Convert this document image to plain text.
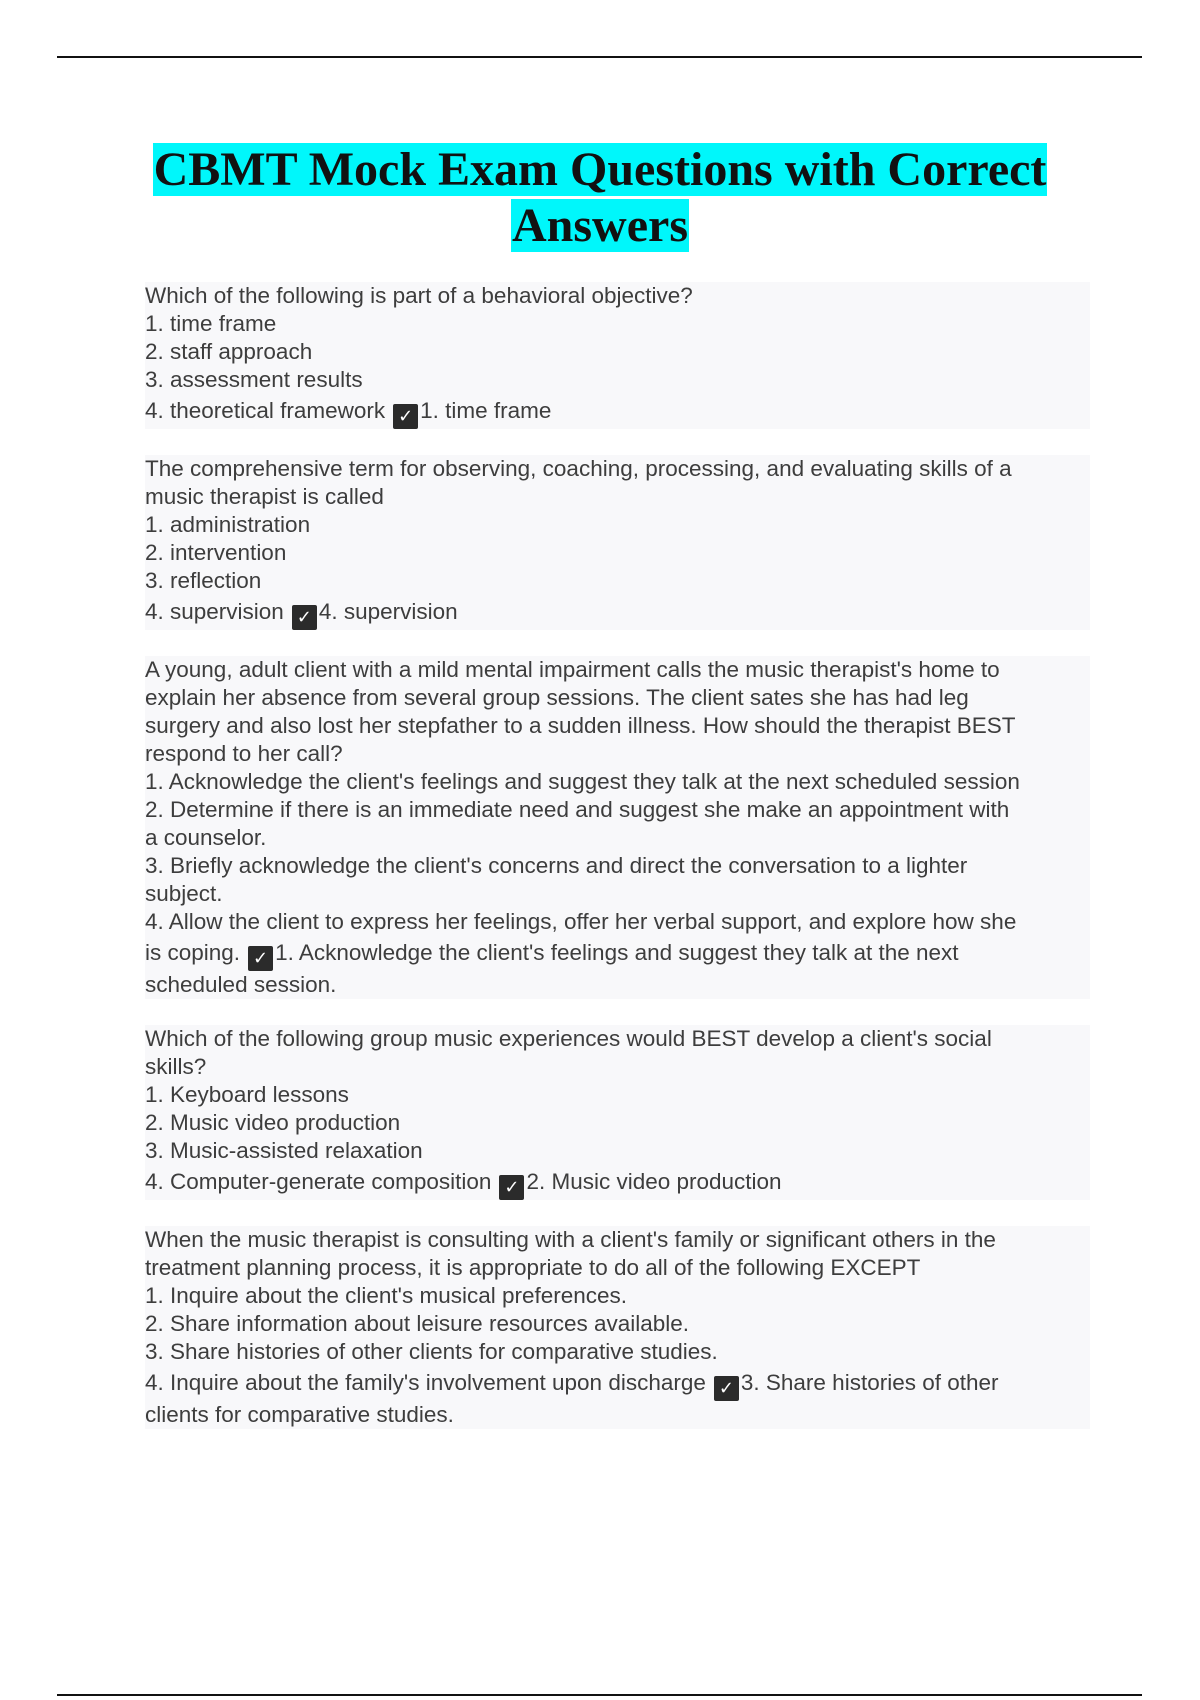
CBMT Mock Exam Questions with Correct
Answers
Which of the following is part of a behavioral objective?
1. time frame
2. staff approach
3. assessment results
4. theoretical framework ✓ 1. time frame
The comprehensive term for observing, coaching, processing, and evaluating skills of a
music therapist is called
1. administration
2. intervention
3. reflection
4. supervision ✓ 4. supervision
A young, adult client with a mild mental impairment calls the music therapist's home to
explain her absence from several group sessions. The client sates she has had leg
surgery and also lost her stepfather to a sudden illness. How should the therapist BEST
respond to her call?
1. Acknowledge the client's feelings and suggest they talk at the next scheduled session
2. Determine if there is an immediate need and suggest she make an appointment with
a counselor.
3. Briefly acknowledge the client's concerns and direct the conversation to a lighter
subject.
4. Allow the client to express her feelings, offer her verbal support, and explore how she
is coping. ✓ 1. Acknowledge the client's feelings and suggest they talk at the next
scheduled session.
Which of the following group music experiences would BEST develop a client's social
skills?
1. Keyboard lessons
2. Music video production
3. Music-assisted relaxation
4. Computer-generate composition ✓ 2. Music video production
When the music therapist is consulting with a client's family or significant others in the
treatment planning process, it is appropriate to do all of the following EXCEPT
1. Inquire about the client's musical preferences.
2. Share information about leisure resources available.
3. Share histories of other clients for comparative studies.
4. Inquire about the family's involvement upon discharge ✓ 3. Share histories of other
clients for comparative studies.
